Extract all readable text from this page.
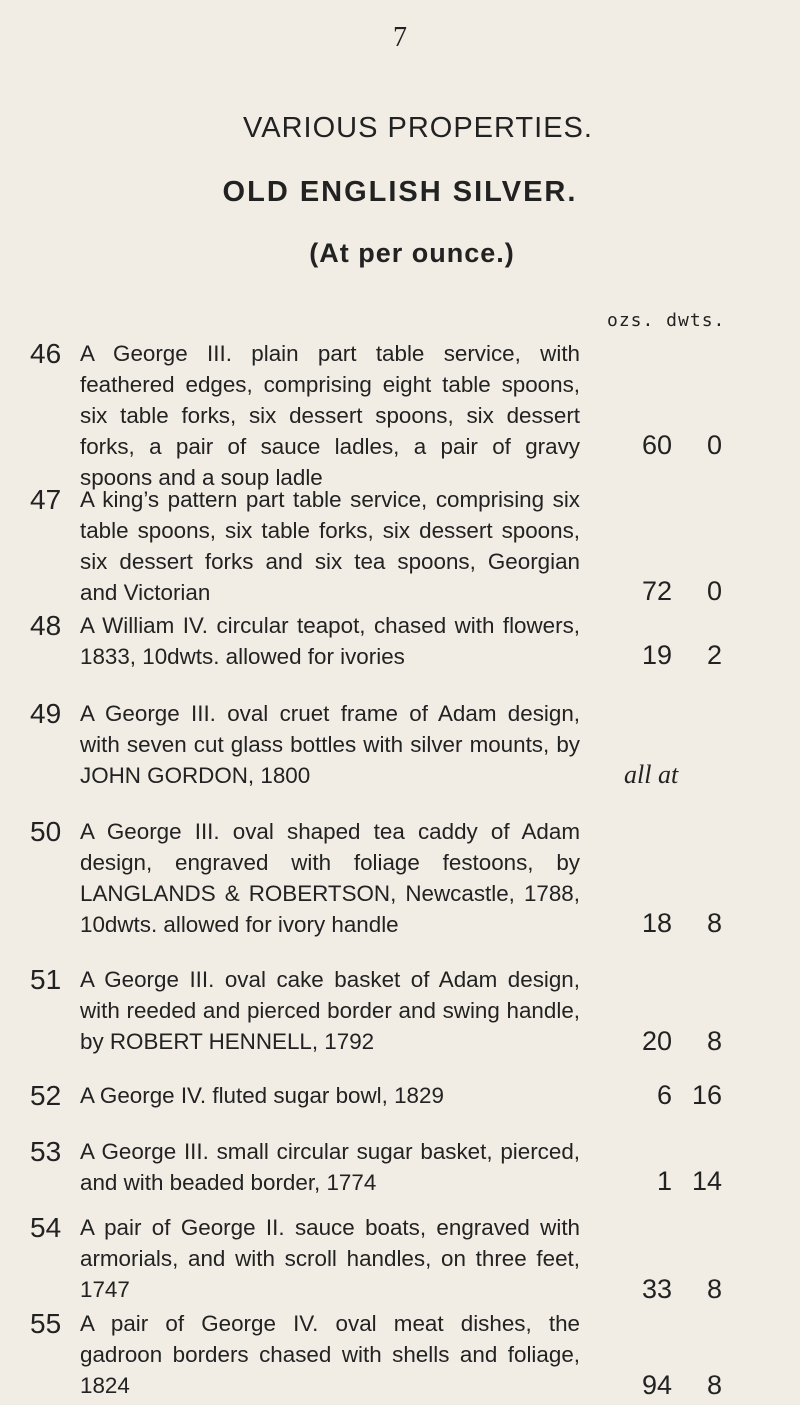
7
VARIOUS PROPERTIES.
OLD ENGLISH SILVER.
(At per ounce.)
ozs. dwts.
46 A George III. plain part table service, with feathered edges, comprising eight table spoons, six table forks, six dessert spoons, six dessert forks, a pair of sauce ladles, a pair of gravy spoons and a soup ladle
60 0
47 A king’s pattern part table service, comprising six table spoons, six table forks, six dessert spoons, six dessert forks and six tea spoons, Georgian and Victorian	72 0
48 A William IV. circular teapot, chased with flowers, 1833, 10dwts. allowed for ivories	19 2
49 A George III. oval cruet frame of Adam design, with seven cut glass bottles with silver mounts, by JOHN GORDON, 1800	all at
50 A George III. oval shaped tea caddy of Adam design, engraved with foliage festoons, by LANGLANDS & ROBERTSON, Newcastle, 1788, 10dwts. allowed for ivory handle	18 8
51 A George III. oval cake basket of Adam design, with reeded and pierced border and swing handle, by ROBERT HENNELL, 1792	20 8
52 A George IV. fluted sugar bowl, 1829	6 16
53 A George III. small circular sugar basket, pierced, and with beaded border, 1774	1 14
54 A pair of George II. sauce boats, engraved with armorials, and with scroll handles, on three feet, 1747	33 8
55 A pair of George IV. oval meat dishes, the gadroon borders chased with shells and foliage, 1824	94 8
